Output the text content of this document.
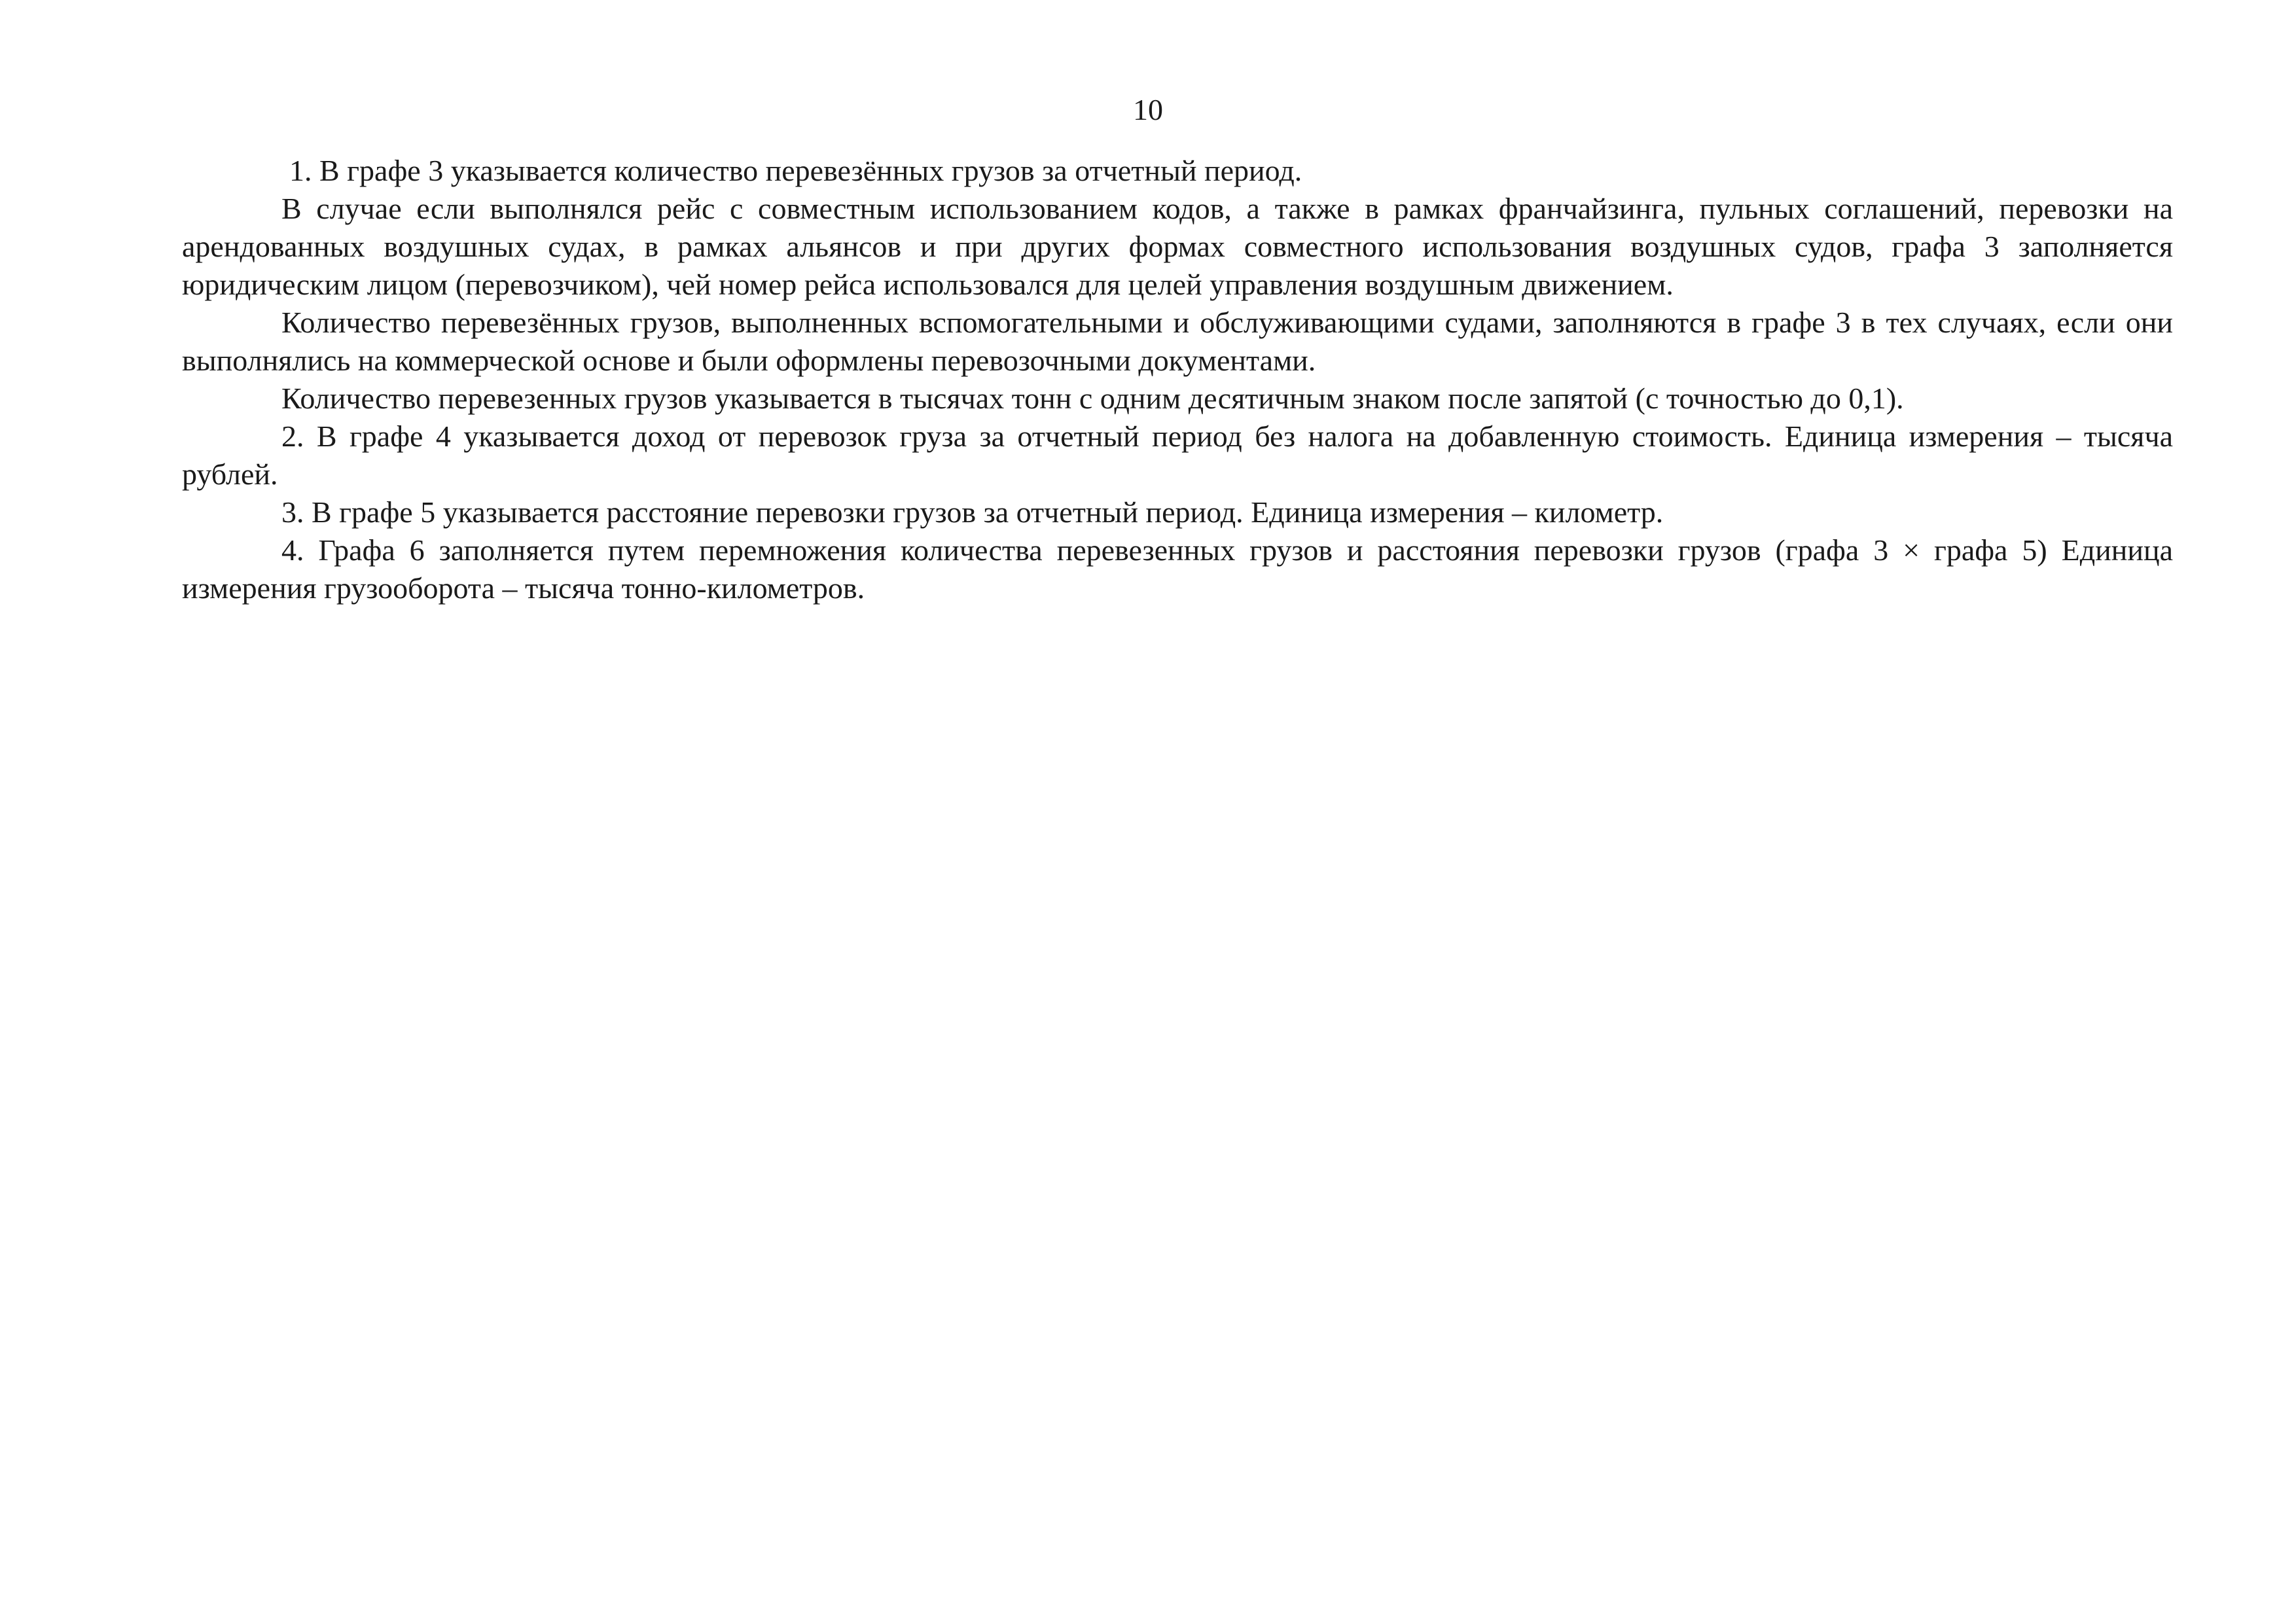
10

1. В графе 3 указывается количество перевезённых грузов за отчетный период.

В случае если выполнялся рейс с совместным использованием кодов, а также в рамках франчайзинга, пульных соглашений, перевозки на арендованных воздушных судах, в рамках альянсов и при других формах совместного использования воздушных судов, графа 3 заполняется юридическим лицом (перевозчиком), чей номер рейса использовался для целей управления воздушным движением.

Количество перевезённых грузов, выполненных вспомогательными и обслуживающими судами, заполняются в графе 3 в тех случаях, если они выполнялись на коммерческой основе и были оформлены перевозочными документами.

Количество перевезенных грузов указывается в тысячах тонн с одним десятичным знаком после запятой (с точностью до 0,1).

2. В графе 4 указывается доход от перевозок груза за отчетный период без налога на добавленную стоимость. Единица измерения – тысяча рублей.

3. В графе 5 указывается расстояние перевозки грузов за отчетный период. Единица измерения – километр.

4. Графа 6 заполняется путем перемножения количества перевезенных грузов и расстояния перевозки грузов (графа 3 × графа 5) Единица измерения грузооборота – тысяча тонно-километров.
